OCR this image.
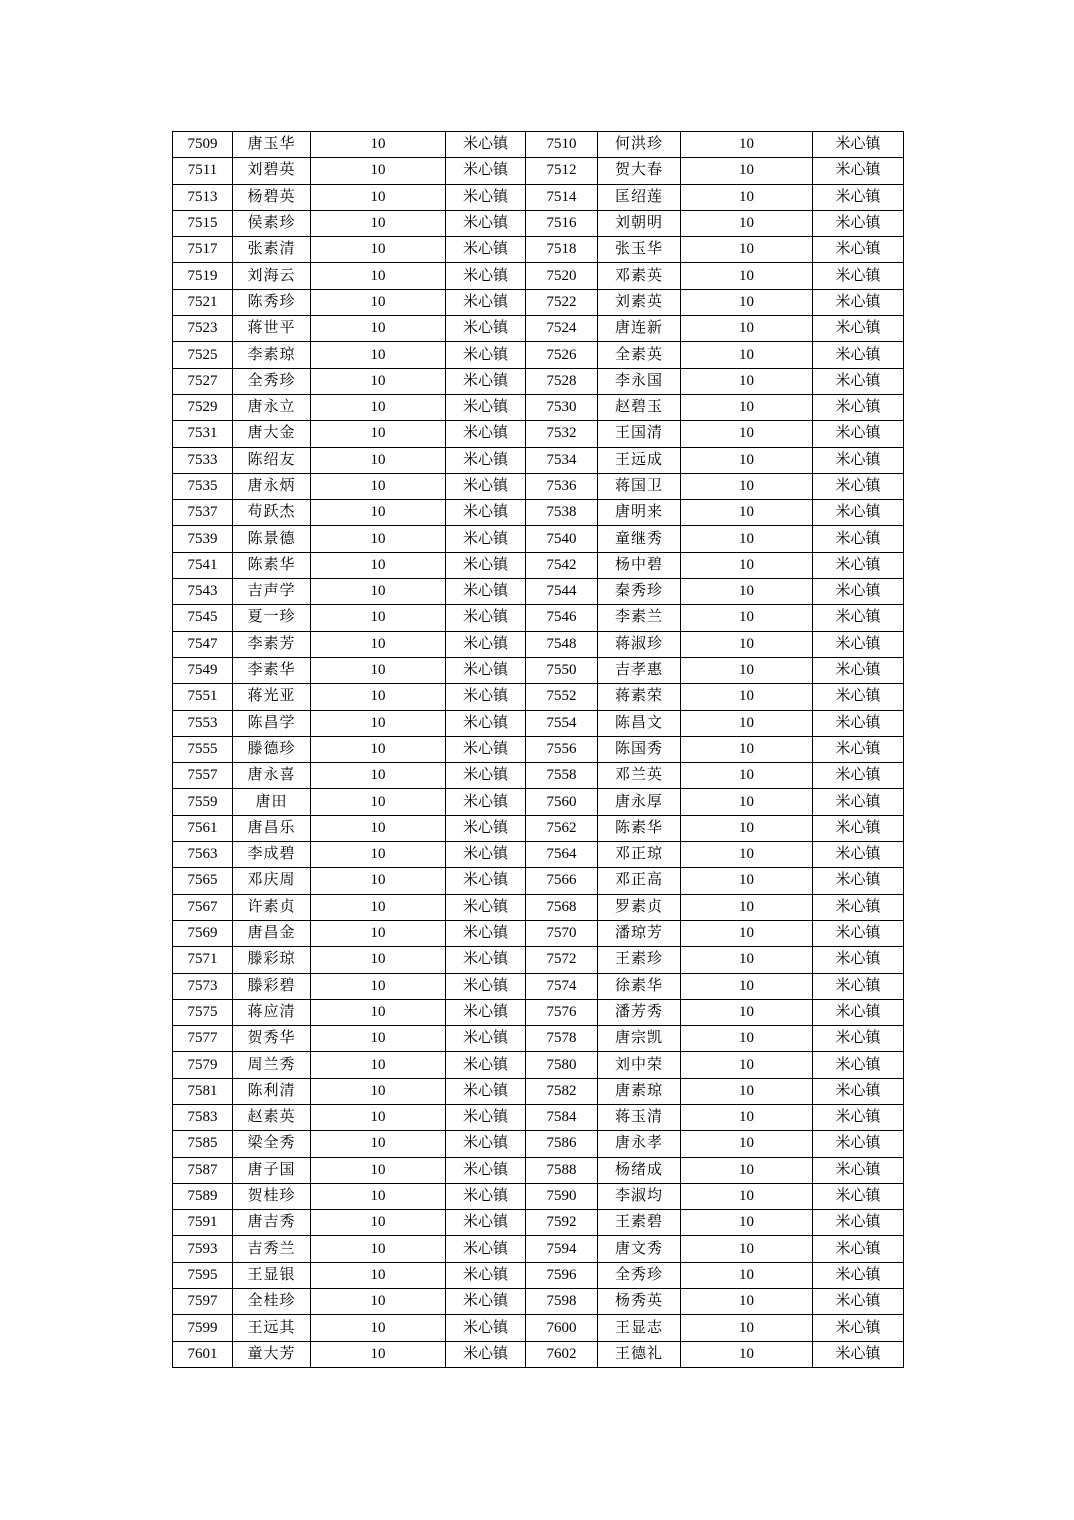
7509	唐玉华	10	米心镇	7510	何洪珍	10	米心镇
7511	刘碧英	10	米心镇	7512	贺大春	10	米心镇
7513	杨碧英	10	米心镇	7514	匡绍莲	10	米心镇
7515	侯素珍	10	米心镇	7516	刘朝明	10	米心镇
7517	张素清	10	米心镇	7518	张玉华	10	米心镇
7519	刘海云	10	米心镇	7520	邓素英	10	米心镇
7521	陈秀珍	10	米心镇	7522	刘素英	10	米心镇
7523	蒋世平	10	米心镇	7524	唐连新	10	米心镇
7525	李素琼	10	米心镇	7526	全素英	10	米心镇
7527	全秀珍	10	米心镇	7528	李永国	10	米心镇
7529	唐永立	10	米心镇	7530	赵碧玉	10	米心镇
7531	唐大金	10	米心镇	7532	王国清	10	米心镇
7533	陈绍友	10	米心镇	7534	王远成	10	米心镇
7535	唐永炳	10	米心镇	7536	蒋国卫	10	米心镇
7537	苟跃杰	10	米心镇	7538	唐明来	10	米心镇
7539	陈景德	10	米心镇	7540	童继秀	10	米心镇
7541	陈素华	10	米心镇	7542	杨中碧	10	米心镇
7543	吉声学	10	米心镇	7544	秦秀珍	10	米心镇
7545	夏一珍	10	米心镇	7546	李素兰	10	米心镇
7547	李素芳	10	米心镇	7548	蒋淑珍	10	米心镇
7549	李素华	10	米心镇	7550	吉孝惠	10	米心镇
7551	蒋光亚	10	米心镇	7552	蒋素荣	10	米心镇
7553	陈昌学	10	米心镇	7554	陈昌文	10	米心镇
7555	滕德珍	10	米心镇	7556	陈国秀	10	米心镇
7557	唐永喜	10	米心镇	7558	邓兰英	10	米心镇
7559	唐田	10	米心镇	7560	唐永厚	10	米心镇
7561	唐昌乐	10	米心镇	7562	陈素华	10	米心镇
7563	李成碧	10	米心镇	7564	邓正琼	10	米心镇
7565	邓庆周	10	米心镇	7566	邓正高	10	米心镇
7567	许素贞	10	米心镇	7568	罗素贞	10	米心镇
7569	唐昌金	10	米心镇	7570	潘琼芳	10	米心镇
7571	滕彩琼	10	米心镇	7572	王素珍	10	米心镇
7573	滕彩碧	10	米心镇	7574	徐素华	10	米心镇
7575	蒋应清	10	米心镇	7576	潘芳秀	10	米心镇
7577	贺秀华	10	米心镇	7578	唐宗凯	10	米心镇
7579	周兰秀	10	米心镇	7580	刘中荣	10	米心镇
7581	陈利清	10	米心镇	7582	唐素琼	10	米心镇
7583	赵素英	10	米心镇	7584	蒋玉清	10	米心镇
7585	梁全秀	10	米心镇	7586	唐永孝	10	米心镇
7587	唐子国	10	米心镇	7588	杨绪成	10	米心镇
7589	贺桂珍	10	米心镇	7590	李淑均	10	米心镇
7591	唐吉秀	10	米心镇	7592	王素碧	10	米心镇
7593	吉秀兰	10	米心镇	7594	唐文秀	10	米心镇
7595	王显银	10	米心镇	7596	全秀珍	10	米心镇
7597	全桂珍	10	米心镇	7598	杨秀英	10	米心镇
7599	王远其	10	米心镇	7600	王显志	10	米心镇
7601	童大芳	10	米心镇	7602	王德礼	10	米心镇
